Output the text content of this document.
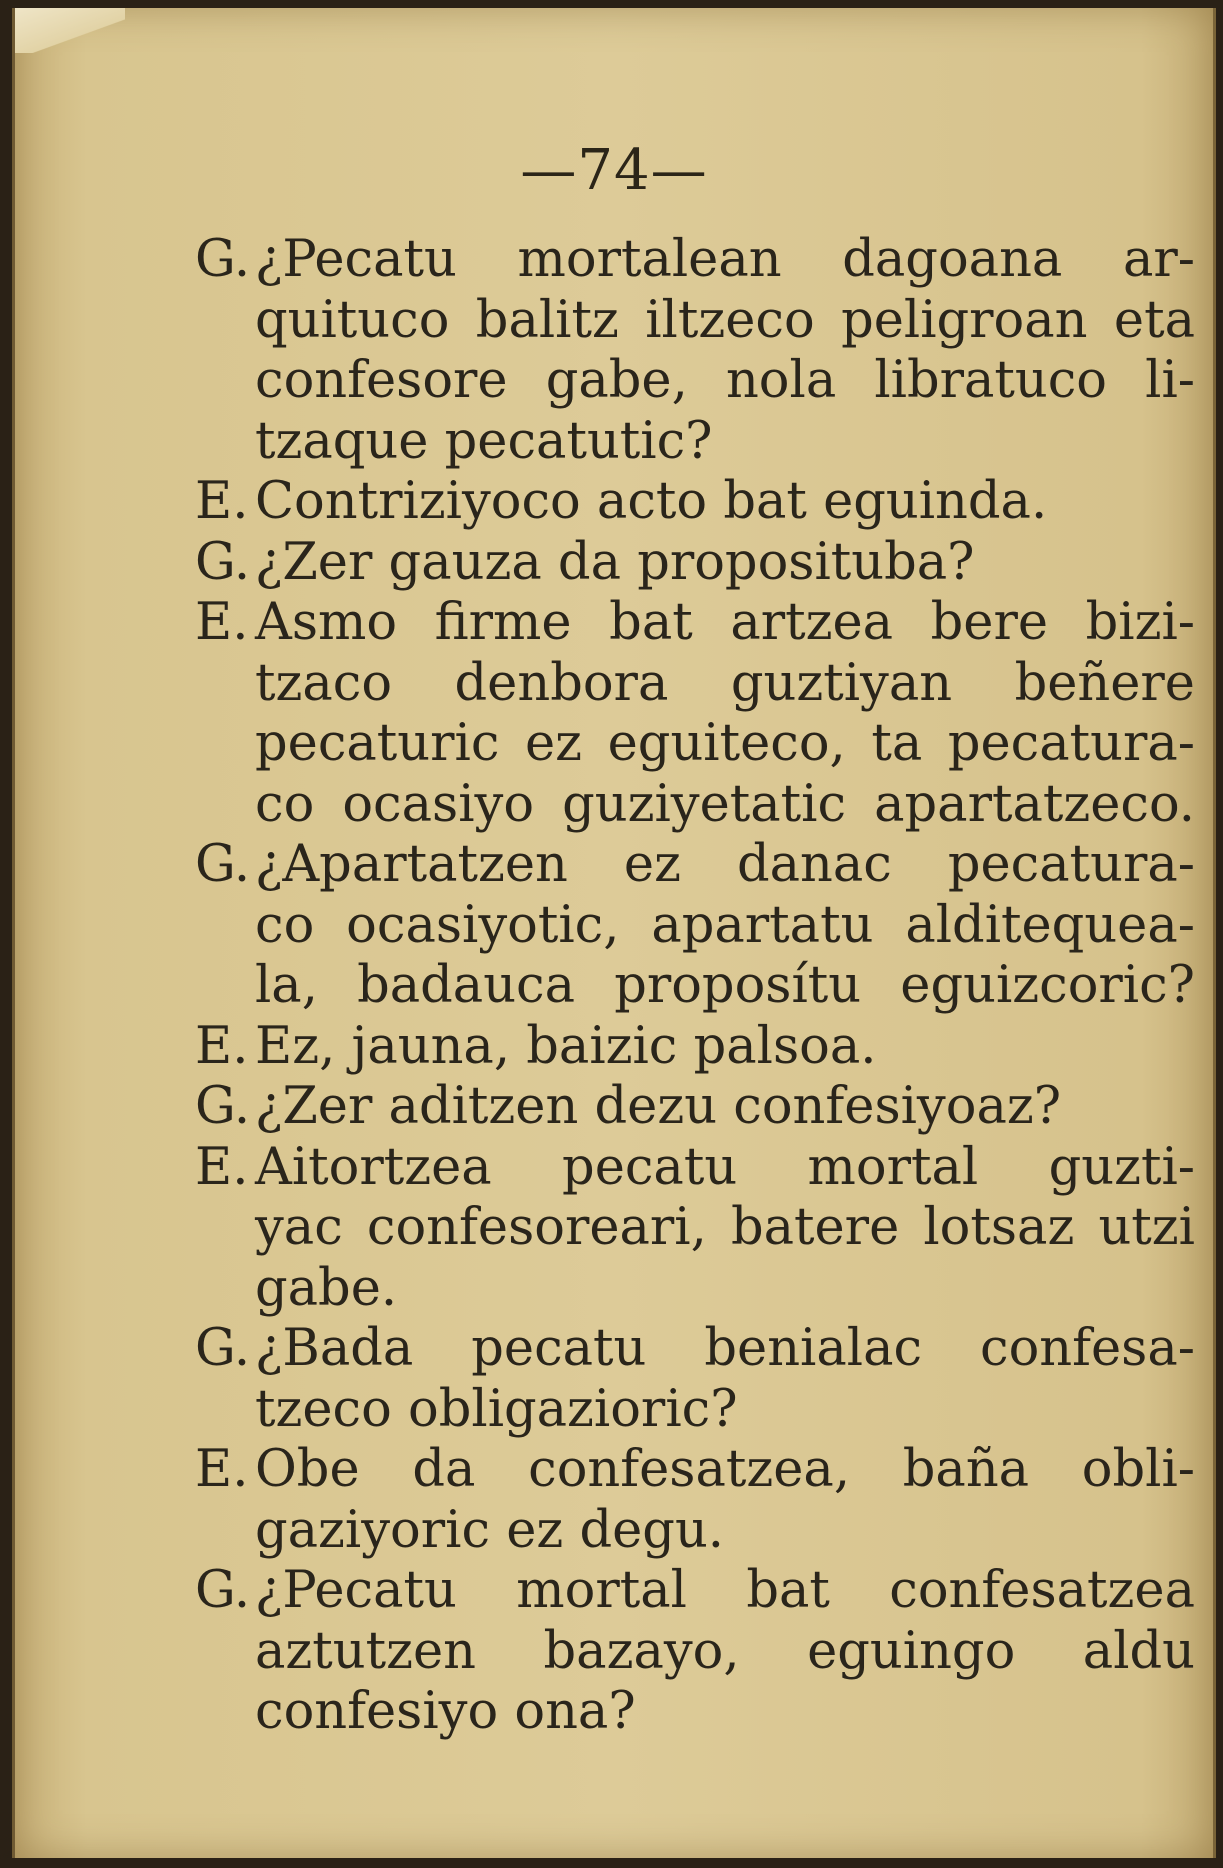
—74—
G. ¿Pecatu mortalean dagoana ar-
quituco balitz iltzeco peligroan eta
confesore gabe, nola libratuco li-
tzaque pecatutic?
E. Contriziyoco acto bat eguinda.
G. ¿Zer gauza da proposituba?
E. Asmo firme bat artzea bere bizi-
tzaco denbora guztiyan beñere
pecaturic ez eguiteco, ta pecatura-
co ocasiyo guziyetatic apartatzeco.
G. ¿Apartatzen ez danac pecatura-
co ocasiyotic, apartatu alditequea-
la, badauca proposítu eguizcoric?
E. Ez, jauna, baizic palsoa.
G. ¿Zer aditzen dezu confesiyoaz?
E. Aitortzea pecatu mortal guzti-
yac confesoreari, batere lotsaz utzi
gabe.
G. ¿Bada pecatu benialac confesa-
tzeco obligazioric?
E. Obe da confesatzea, baña obli-
gaziyoric ez degu.
G. ¿Pecatu mortal bat confesatzea
aztutzen bazayo, eguingo aldu
confesiyo ona?
